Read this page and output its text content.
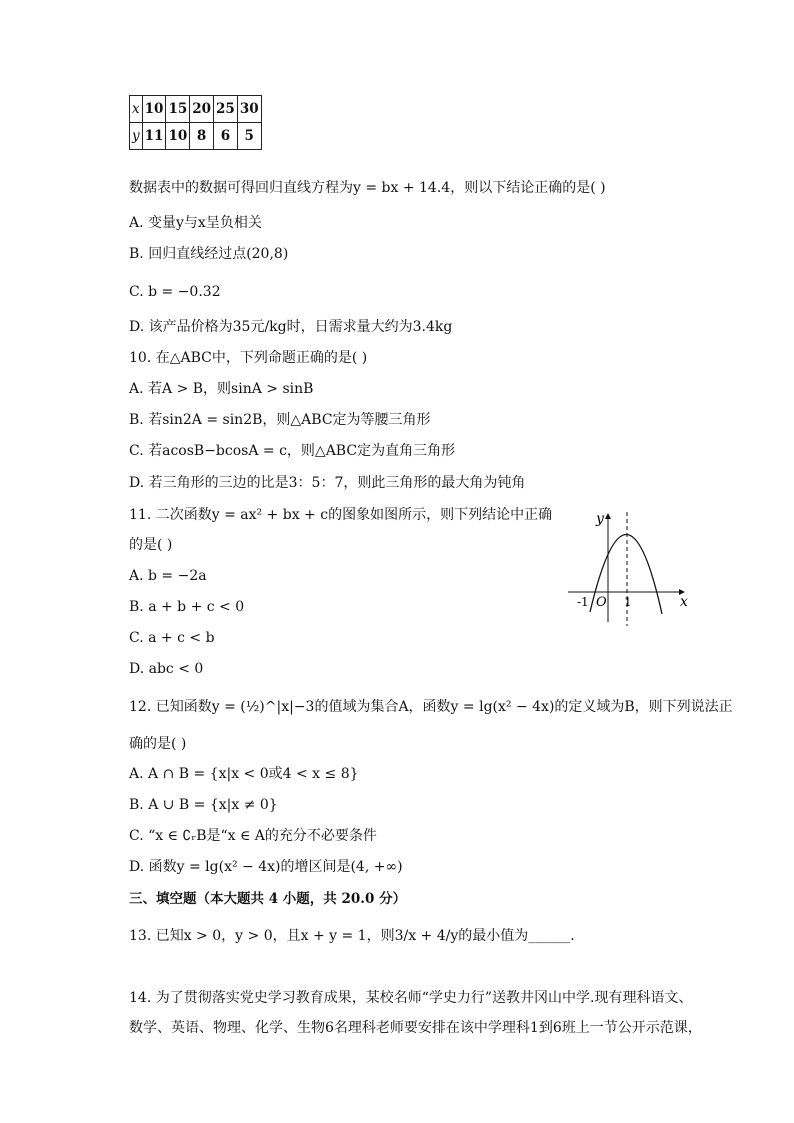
x	10	15	20	25	30
y	11	10	8	6	5
数据表中的数据可得回归直线方程为y = bx + 14.4，则以下结论正确的是( )
A. 变量y与x呈负相关
B. 回归直线经过点(20,8)
C. b = −0.32
D. 该产品价格为35元/kg时，日需求量大约为3.4kg
10. 在△ABC中，下列命题正确的是( )
A. 若A > B，则sinA > sinB
B. 若sin2A = sin2B，则△ABC定为等腰三角形
C. 若acosB−bcosA = c，则△ABC定为直角三角形
D. 若三角形的三边的比是3：5：7，则此三角形的最大角为钝角
11. 二次函数y = ax² + bx + c的图象如图所示，则下列结论中正确
的是( )
A. b = −2a
B. a + b + c < 0
C. a + c < b
D. abc < 0
y
x
O
-1	1
12. 已知函数y = (½)^|x|−3的值域为集合A，函数y = lg(x² − 4x)的定义域为B，则下列说法正
确的是( )
A. A ∩ B = {x|x < 0或4 < x ≤ 8}
B. A ∪ B = {x|x ≠ 0}
C. “x ∈ ∁ᵣB是“x ∈ A的充分不必要条件
D. 函数y = lg(x² − 4x)的增区间是(4, +∞)
三、填空题（本大题共 4 小题，共 20.0 分）
13. 已知x > 0，y > 0，且x + y = 1，则3/x + 4/y的最小值为______.
14. 为了贯彻落实党史学习教育成果，某校名师“学史力行”送教井冈山中学.现有理科语文、
数学、英语、物理、化学、生物6名理科老师要安排在该中学理科1到6班上一节公开示范课，
